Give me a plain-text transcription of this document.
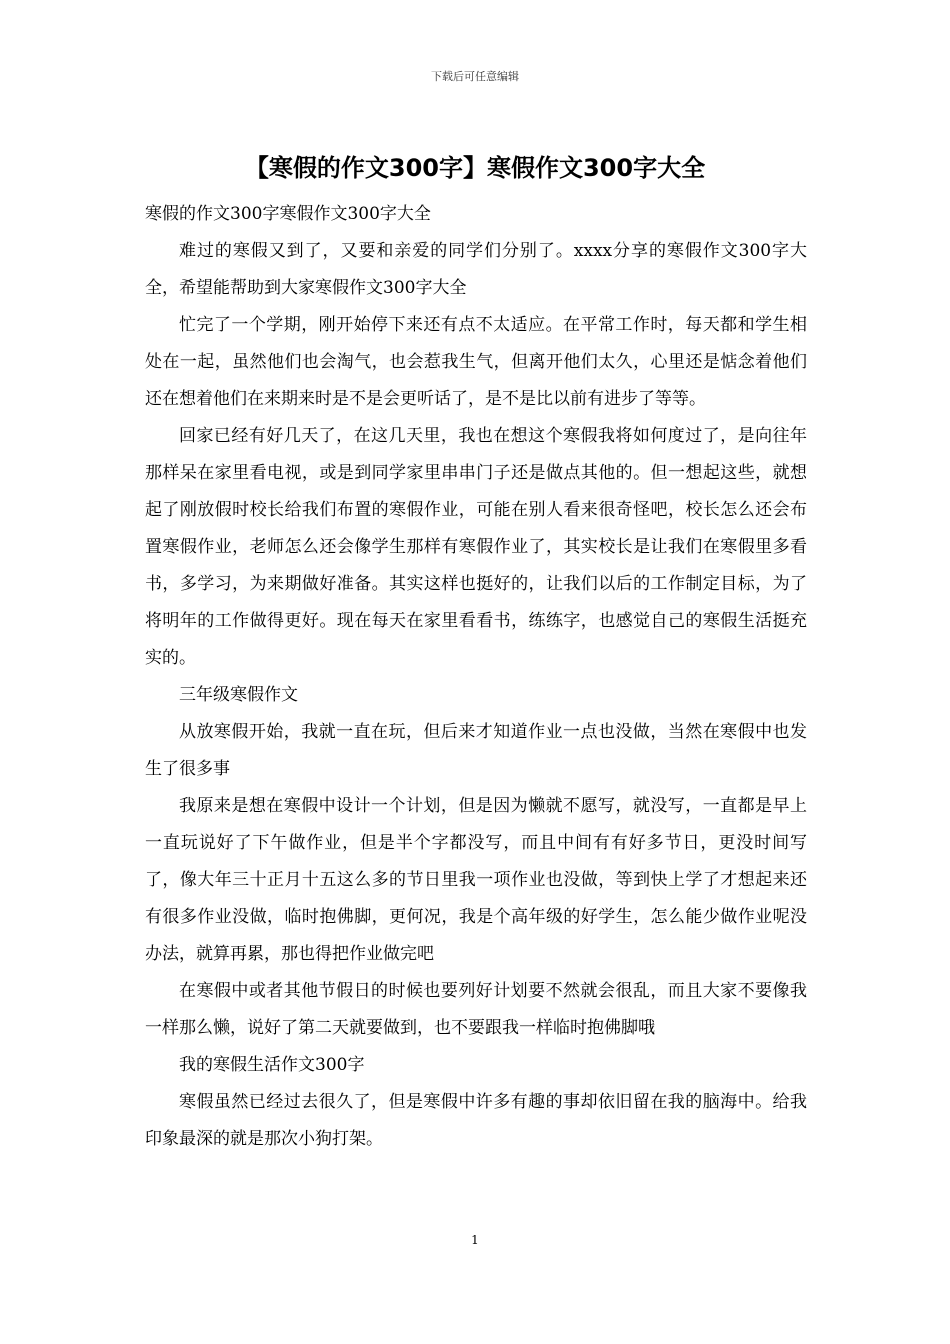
下载后可任意编辑
【寒假的作文300字】寒假作文300字大全

寒假的作文300字寒假作文300字大全

难过的寒假又到了，又要和亲爱的同学们分别了。xxxx分享的寒假作文300字大全，希望能帮助到大家寒假作文300字大全

忙完了一个学期，刚开始停下来还有点不太适应。在平常工作时，每天都和学生相处在一起，虽然他们也会淘气，也会惹我生气，但离开他们太久，心里还是惦念着他们还在想着他们在来期来时是不是会更听话了，是不是比以前有进步了等等。

回家已经有好几天了，在这几天里，我也在想这个寒假我将如何度过了，是向往年那样呆在家里看电视，或是到同学家里串串门子还是做点其他的。但一想起这些，就想起了刚放假时校长给我们布置的寒假作业，可能在别人看来很奇怪吧，校长怎么还会布置寒假作业，老师怎么还会像学生那样有寒假作业了，其实校长是让我们在寒假里多看书，多学习，为来期做好准备。其实这样也挺好的，让我们以后的工作制定目标，为了将明年的工作做得更好。现在每天在家里看看书，练练字，也感觉自己的寒假生活挺充实的。

三年级寒假作文

从放寒假开始，我就一直在玩，但后来才知道作业一点也没做，当然在寒假中也发生了很多事

我原来是想在寒假中设计一个计划，但是因为懒就不愿写，就没写，一直都是早上一直玩说好了下午做作业，但是半个字都没写，而且中间有有好多节日，更没时间写了，像大年三十正月十五这么多的节日里我一项作业也没做，等到快上学了才想起来还有很多作业没做，临时抱佛脚，更何况，我是个高年级的好学生，怎么能少做作业呢没办法，就算再累，那也得把作业做完吧

在寒假中或者其他节假日的时候也要列好计划要不然就会很乱，而且大家不要像我一样那么懒，说好了第二天就要做到，也不要跟我一样临时抱佛脚哦

我的寒假生活作文300字

寒假虽然已经过去很久了，但是寒假中许多有趣的事却依旧留在我的脑海中。给我印象最深的就是那次小狗打架。

1
